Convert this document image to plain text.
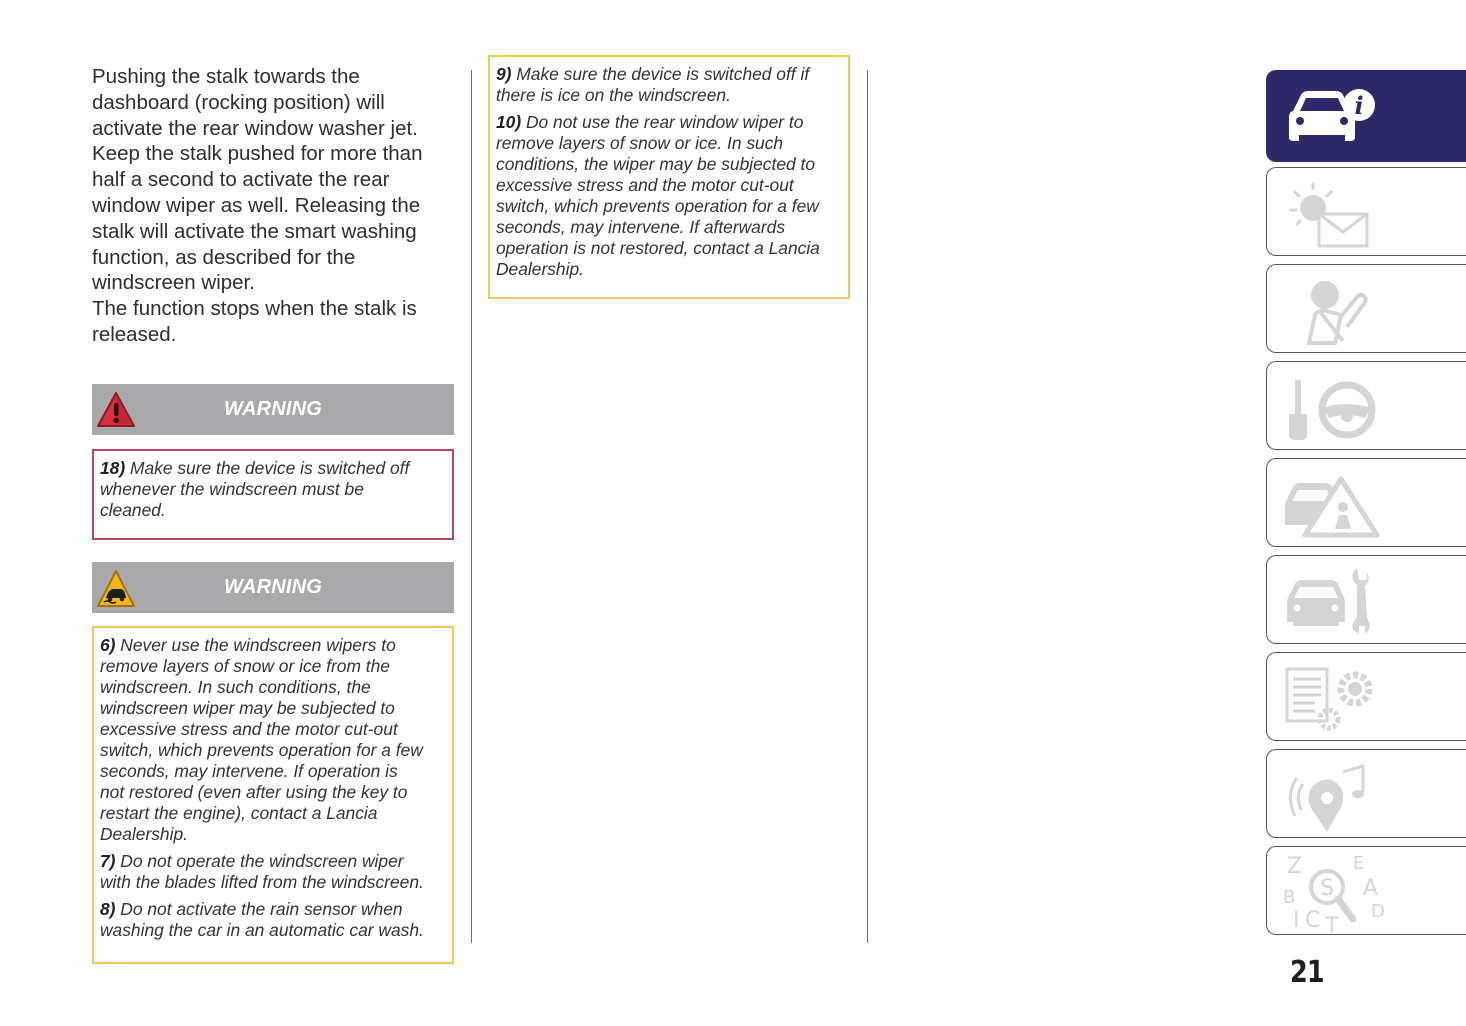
Pushing the stalk towards the

dashboard (rocking position) will

activate the rear window washer jet.

Keep the stalk pushed for more than

half a second to activate the rear

window wiper as well. Releasing the

stalk will activate the smart washing

function, as described for the

windscreen wiper.

The function stops when the stalk is

released.

WARNING

18) Make sure the device is switched off
whenever the windscreen must be
cleaned.

WARNING

6) Never use the windscreen wipers to
remove layers of snow or ice from the
windscreen. In such conditions, the
windscreen wiper may be subjected to
excessive stress and the motor cut-out
switch, which prevents operation for a few
seconds, may intervene. If operation is
not restored (even after using the key to
restart the engine), contact a Lancia
Dealership.

7) Do not operate the windscreen wiper
with the blades lifted from the windscreen.

8) Do not activate the rain sensor when
washing the car in an automatic car wash.

9) Make sure the device is switched off if
there is ice on the windscreen.

10) Do not use the rear window wiper to
remove layers of snow or ice. In such
conditions, the wiper may be subjected to
excessive stress and the motor cut-out
switch, which prevents operation for a few
seconds, may intervene. If afterwards
operation is not restored, contact a Lancia
Dealership.

i
Z	E
A
B
D
I C T
S
21
